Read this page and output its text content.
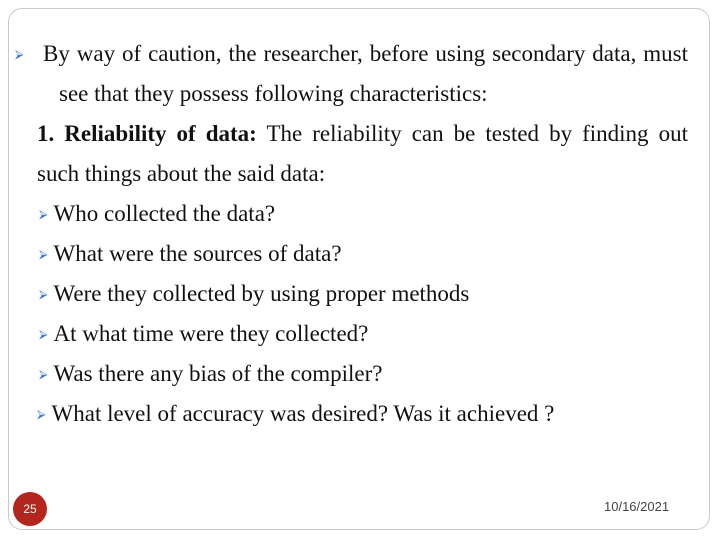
⮚ By way of caution, the researcher, before using secondary data, must see that they possess following characteristics:
1. Reliability of data: The reliability can be tested by finding out such things about the said data:
⮚ Who collected the data?
⮚ What were the sources of data?
⮚ Were they collected by using proper methods
⮚ At what time were they collected?
⮚ Was there any bias of the compiler?
⮚ What level of accuracy was desired? Was it achieved ?
25	10/16/2021
